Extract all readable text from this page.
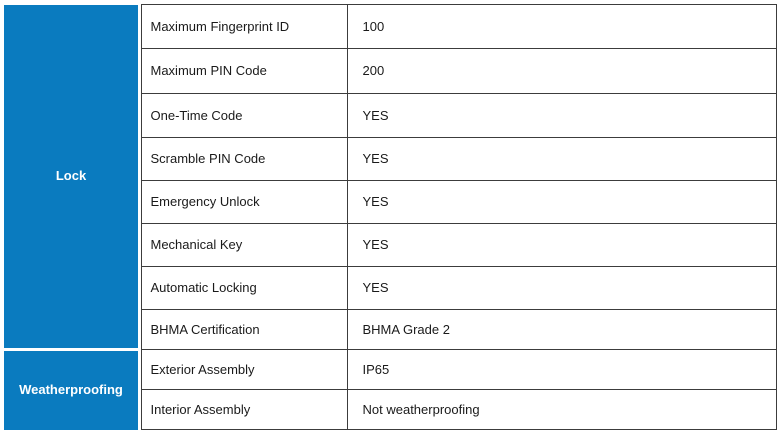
Lock		Maximum Fingerprint ID	100
		Maximum PIN Code	200
		One-Time Code	YES
		Scramble PIN Code	YES
		Emergency Unlock	YES
		Mechanical Key	YES
		Automatic Locking	YES
		BHMA Certification	BHMA Grade 2
Weatherproofing		Exterior Assembly	IP65
		Interior Assembly	Not weatherproofing
